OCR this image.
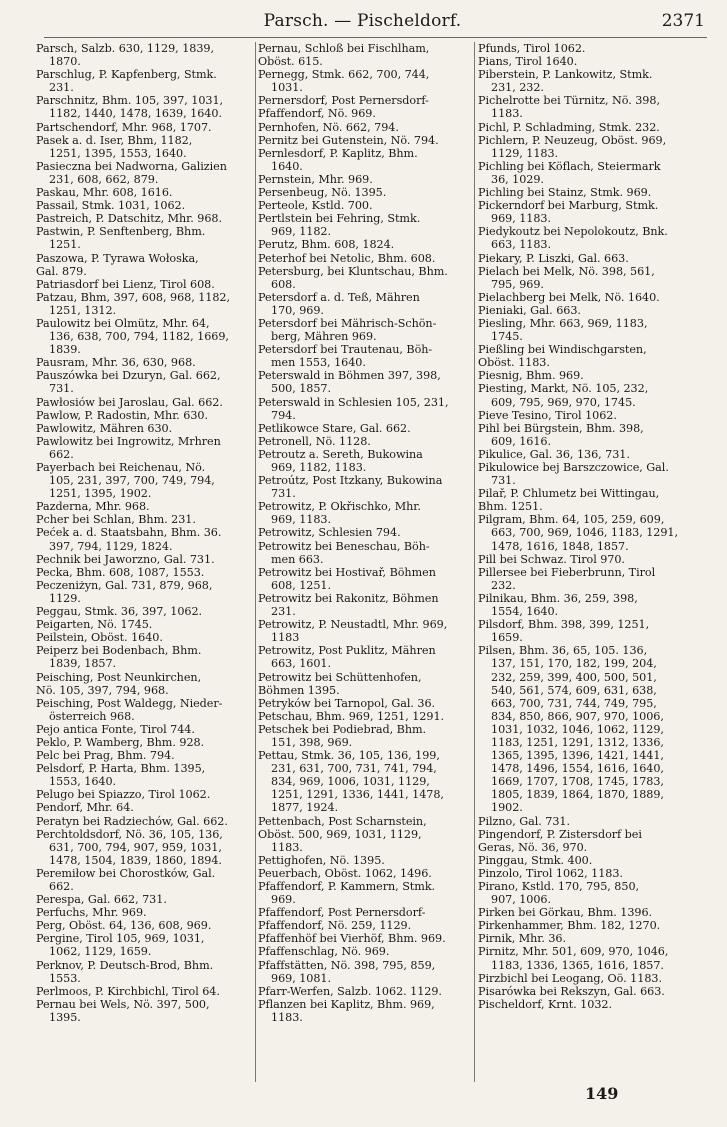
Parsch. — Pischeldorf.	2371
Parsch, Salzb. 630, 1129, 1839,
1870.
Parschlug, P. Kapfenberg, Stmk.
231.
Parschnitz, Bhm. 105, 397, 1031,
1182, 1440, 1478, 1639, 1640.
Partschendorf, Mhr. 968, 1707.
Pasek a. d. Iser, Bhm, 1182,
1251, 1395, 1553, 1640.
Pasieczna bei Nadworna, Galizien
231, 608, 662, 879.
Paskau, Mhr. 608, 1616.
Passail, Stmk. 1031, 1062.
Pastreich, P. Datschitz, Mhr. 968.
Pastwin, P. Senftenberg, Bhm.
1251.
Paszowa, P. Tyrawa Wołoska,
Gal. 879.
Patriasdorf bei Lienz, Tirol 608.
Patzau, Bhm, 397, 608, 968, 1182,
1251, 1312.
Paulowitz bei Olmütz, Mhr. 64,
136, 638, 700, 794, 1182, 1669,
1839.
Pausram, Mhr. 36, 630, 968.
Pauszówka bei Dzuryn, Gal. 662,
731.
Pawłosiów bei Jaroslau, Gal. 662.
Pawlow, P. Radostin, Mhr. 630.
Pawlowitz, Mähren 630.
Pawlowitz bei Ingrowitz, Mrhren
662.
Payerbach bei Reichenau, Nö.
105, 231, 397, 700, 749, 794,
1251, 1395, 1902.
Pazderna, Mhr. 968.
Pcher bei Schlan, Bhm. 231.
Pećek a. d. Staatsbahn, Bhm. 36.
397, 794, 1129, 1824.
Pechnik bei Jaworzno, Gal. 731.
Pecka, Bhm. 608, 1087, 1553.
Peczeniżyn, Gal. 731, 879, 968,
1129.
Peggau, Stmk. 36, 397, 1062.
Peigarten, Nö. 1745.
Peilstein, Oböst. 1640.
Peiperz bei Bodenbach, Bhm.
1839, 1857.
Peisching, Post Neunkirchen,
Nö. 105, 397, 794, 968.
Peisching, Post Waldegg, Nieder-
österreich 968.
Pejo antica Fonte, Tirol 744.
Peklo, P. Wamberg, Bhm. 928.
Pelc bei Prag, Bhm. 794.
Pelsdorf, P. Harta, Bhm. 1395,
1553, 1640.
Pelugo bei Spiazzo, Tirol 1062.
Pendorf, Mhr. 64.
Peratyn bei Radziechów, Gal. 662.
Perchtoldsdorf, Nö. 36, 105, 136,
631, 700, 794, 907, 959, 1031,
1478, 1504, 1839, 1860, 1894.
Peremiłow bei Chorostków, Gal.
662.
Perespa, Gal. 662, 731.
Perfuchs, Mhr. 969.
Perg, Oböst. 64, 136, 608, 969.
Pergine, Tirol 105, 969, 1031,
1062, 1129, 1659.
Perknov, P. Deutsch-Brod, Bhm.
1553.
Perlmoos, P. Kirchbichl, Tirol 64.
Pernau bei Wels, Nö. 397, 500,
1395.
Pernau, Schloß bei Fischlham,
Oböst. 615.
Pernegg, Stmk. 662, 700, 744,
1031.
Pernersdorf, Post Pernersdorf-
Pfaffendorf, Nö. 969.
Pernhofen, Nö. 662, 794.
Pernitz bei Gutenstein, Nö. 794.
Pernlesdorf, P. Kaplitz, Bhm.
1640.
Pernstein, Mhr. 969.
Persenbeug, Nö. 1395.
Perteole, Kstld. 700.
Pertlstein bei Fehring, Stmk.
969, 1182.
Perutz, Bhm. 608, 1824.
Peterhof bei Netolic, Bhm. 608.
Petersburg, bei Kluntschau, Bhm.
608.
Petersdorf a. d. Teß, Mähren
170, 969.
Petersdorf bei Mährisch-Schön-
berg, Mähren 969.
Petersdorf bei Trautenau, Böh-
men 1553, 1640.
Peterswald in Böhmen 397, 398,
500, 1857.
Peterswald in Schlesien 105, 231,
794.
Petlikowce Stare, Gal. 662.
Petronell, Nö. 1128.
Petroutz a. Sereth, Bukowina
969, 1182, 1183.
Petroútz, Post Itzkany, Bukowina
731.
Petrowitz, P. Okřischko, Mhr.
969, 1183.
Petrowitz, Schlesien 794.
Petrowitz bei Beneschau, Böh-
men 663.
Petrowitz bei Hostivař, Böhmen
608, 1251.
Petrowitz bei Rakonitz, Böhmen
231.
Petrowitz, P. Neustadtl, Mhr. 969,
1183
Petrowitz, Post Puklitz, Mähren
663, 1601.
Petrowitz bei Schüttenhofen,
Böhmen 1395.
Petryków bei Tarnopol, Gal. 36.
Petschau, Bhm. 969, 1251, 1291.
Petschek bei Podiebrad, Bhm.
151, 398, 969.
Pettau, Stmk. 36, 105, 136, 199,
231, 631, 700, 731, 741, 794,
834, 969, 1006, 1031, 1129,
1251, 1291, 1336, 1441, 1478,
1877, 1924.
Pettenbach, Post Scharnstein,
Oböst. 500, 969, 1031, 1129,
1183.
Pettighofen, Nö. 1395.
Peuerbach, Oböst. 1062, 1496.
Pfaffendorf, P. Kammern, Stmk.
969.
Pfaffendorf, Post Pernersdorf-
Pfaffendorf, Nö. 259, 1129.
Pfaffenhöf bei Vierhöf, Bhm. 969.
Pfaffenschlag, Nö. 969.
Pfaffstätten, Nö. 398, 795, 859,
969, 1081.
Pfarr-Werfen, Salzb. 1062. 1129.
Pflanzen bei Kaplitz, Bhm. 969,
1183.
Pfunds, Tirol 1062.
Pians, Tirol 1640.
Piberstein, P. Lankowitz, Stmk.
231, 232.
Pichelrotte bei Türnitz, Nö. 398,
1183.
Pichl, P. Schladming, Stmk. 232.
Pichlern, P. Neuzeug, Oböst. 969,
1129, 1183.
Pichling bei Köflach, Steiermark
36, 1029.
Pichling bei Stainz, Stmk. 969.
Pickerndorf bei Marburg, Stmk.
969, 1183.
Piedykoutz bei Nepolokoutz, Bnk.
663, 1183.
Piekary, P. Liszki, Gal. 663.
Pielach bei Melk, Nö. 398, 561,
795, 969.
Pielachberg bei Melk, Nö. 1640.
Pieniaki, Gal. 663.
Piesling, Mhr. 663, 969, 1183,
1745.
Pießling bei Windischgarsten,
Oböst. 1183.
Piesnig, Bhm. 969.
Piesting, Markt, Nö. 105, 232,
609, 795, 969, 970, 1745.
Pieve Tesino, Tirol 1062.
Pihl bei Bürgstein, Bhm. 398,
609, 1616.
Pikulice, Gal. 36, 136, 731.
Pikulowice bej Barszczowice, Gal.
731.
Pilař, P. Chlumetz bei Wittingau,
Bhm. 1251.
Pilgram, Bhm. 64, 105, 259, 609,
663, 700, 969, 1046, 1183, 1291,
1478, 1616, 1848, 1857.
Pill bei Schwaz. Tirol 970.
Pillersee bei Fieberbrunn, Tirol
232.
Pilnikau, Bhm. 36, 259, 398,
1554, 1640.
Pilsdorf, Bhm. 398, 399, 1251,
1659.
Pilsen, Bhm. 36, 65, 105. 136,
137, 151, 170, 182, 199, 204,
232, 259, 399, 400, 500, 501,
540, 561, 574, 609, 631, 638,
663, 700, 731, 744, 749, 795,
834, 850, 866, 907, 970, 1006,
1031, 1032, 1046, 1062, 1129,
1183, 1251, 1291, 1312, 1336,
1365, 1395, 1396, 1421, 1441,
1478, 1496, 1554, 1616, 1640,
1669, 1707, 1708, 1745, 1783,
1805, 1839, 1864, 1870, 1889,
1902.
Pilzno, Gal. 731.
Pingendorf, P. Zistersdorf bei
Geras, Nö. 36, 970.
Pinggau, Stmk. 400.
Pinzolo, Tirol 1062, 1183.
Pirano, Kstld. 170, 795, 850,
907, 1006.
Pirken bei Görkau, Bhm. 1396.
Pirkenhammer, Bhm. 182, 1270.
Pirnik, Mhr. 36.
Pirnitz, Mhr. 501, 609, 970, 1046,
1183, 1336, 1365, 1616, 1857.
Pirzbichl bei Leogang, Oö. 1183.
Pisarówka bei Rekszyn, Gal. 663.
Pischeldorf, Krnt. 1032.
149
